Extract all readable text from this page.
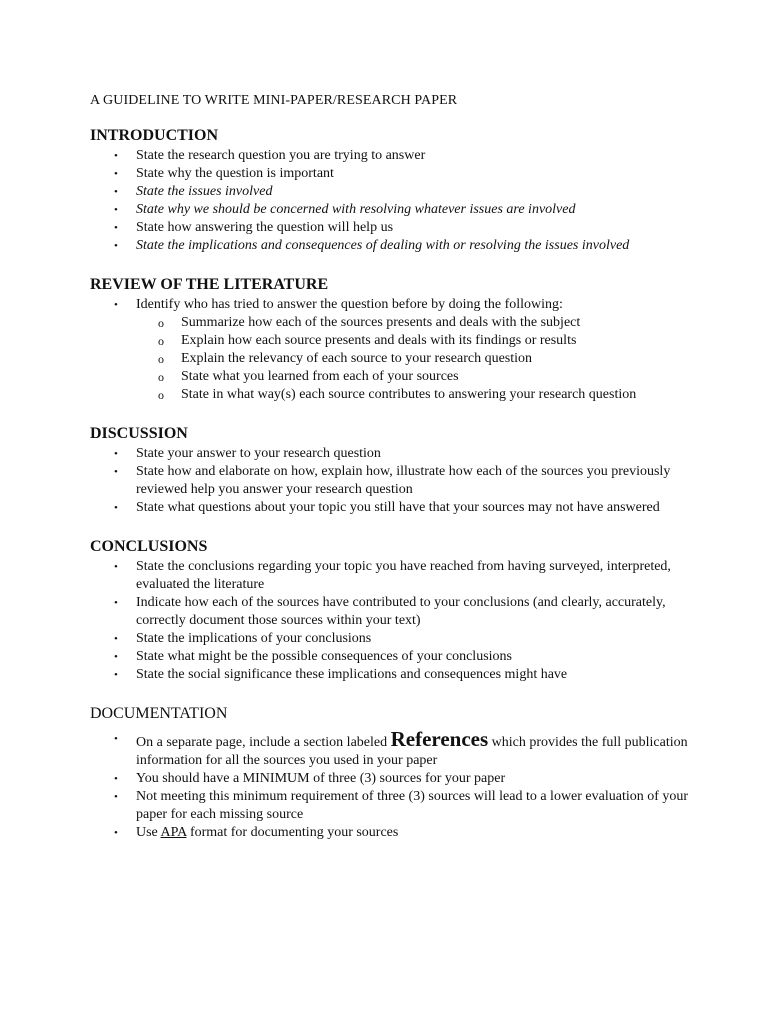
A GUIDELINE TO WRITE MINI-PAPER/RESEARCH PAPER
INTRODUCTION
• State the research question you are trying to answer
• State why the question is important
• State the issues involved
• State why we should be concerned with resolving whatever issues are involved
• State how answering the question will help us
• State the implications and consequences of dealing with or resolving the issues involved
REVIEW OF THE LITERATURE
• Identify who has tried to answer the question before by doing the following:
o Summarize how each of the sources presents and deals with the subject
o Explain how each source presents and deals with its findings or results
o Explain the relevancy of each source to your research question
o State what you learned from each of your sources
o State in what way(s) each source contributes to answering your research question
DISCUSSION
• State your answer to your research question
• State how and elaborate on how, explain how, illustrate how each of the sources you previously reviewed help you answer your research question
• State what questions about your topic you still have that your sources may not have answered
CONCLUSIONS
• State the conclusions regarding your topic you have reached from having surveyed, interpreted, evaluated the literature
• Indicate how each of the sources have contributed to your conclusions (and clearly, accurately, correctly document those sources within your text)
• State the implications of your conclusions
• State what might be the possible consequences of your conclusions
• State the social significance these implications and consequences might have
DOCUMENTATION
• On a separate page, include a section labeled References which provides the full publication information for all the sources you used in your paper
• You should have a MINIMUM of three (3) sources for your paper
• Not meeting this minimum requirement of three (3) sources will lead to a lower evaluation of your paper for each missing source
• Use APA format for documenting your sources
